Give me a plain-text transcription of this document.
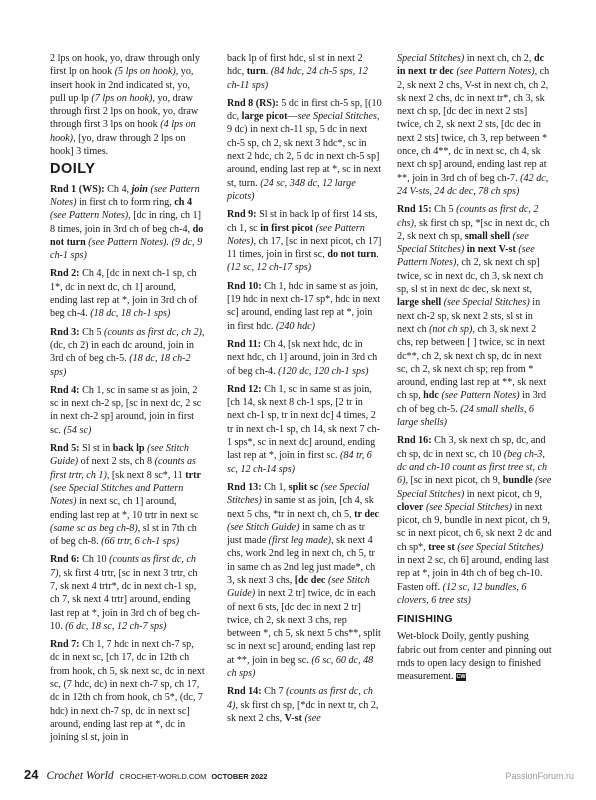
2 lps on hook, yo, draw through only first lp on hook (5 lps on hook), yo, insert hook in 2nd indicated st, yo, pull up lp (7 lps on hook), yo, draw through first 2 lps on hook, yo, draw through first 3 lps on hook (4 lps on hook), [yo, draw through 2 lps on hook] 3 times.

DOILY

Rnd 1 (WS): Ch 4, join (see Pattern Notes) in first ch to form ring, ch 4 (see Pattern Notes), [dc in ring, ch 1] 8 times, join in 3rd ch of beg ch-4, do not turn (see Pattern Notes). (9 dc, 9 ch-1 sps)

Rnd 2: Ch 4, [dc in next ch-1 sp, ch 1*, dc in next dc, ch 1] around, ending last rep at *, join in 3rd ch of beg ch-4. (18 dc, 18 ch-1 sps)

Rnd 3: Ch 5 (counts as first dc, ch 2), (dc, ch 2) in each dc around, join in 3rd ch of beg ch-5. (18 dc, 18 ch-2 sps)

Rnd 4: Ch 1, sc in same st as join, 2 sc in next ch-2 sp, [sc in next dc, 2 sc in next ch-2 sp] around, join in first sc. (54 sc)

Rnd 5: Sl st in back lp (see Stitch Guide) of next 2 sts, ch 8 (counts as first trtr, ch 1), [sk next 8 sc*, 11 trtr (see Special Stitches and Pattern Notes) in next sc, ch 1] around, ending last rep at *, 10 trtr in next sc (same sc as beg ch-8), sl st in 7th ch of beg ch-8. (66 trtr, 6 ch-1 sps)

Rnd 6: Ch 10 (counts as first dc, ch 7), sk first 4 trtr, [sc in next 3 trtr, ch 7, sk next 4 trtr*, dc in next ch-1 sp, ch 7, sk next 4 trtr] around, ending last rep at *, join in 3rd ch of beg ch-10. (6 dc, 18 sc, 12 ch-7 sps)

Rnd 7: Ch 1, 7 hdc in next ch-7 sp, dc in next sc, [ch 17, dc in 12th ch from hook, ch 5, sk next sc, dc in next sc, (7 hdc, dc) in next ch-7 sp, ch 17, dc in 12th ch from hook, ch 5*, (dc, 7 hdc) in next ch-7 sp, dc in next sc] around, ending last rep at *, dc in joining sl st, join in

back lp of first hdc, sl st in next 2 hdc, turn. (84 hdc, 24 ch-5 sps, 12 ch-11 sps)

Rnd 8 (RS): 5 dc in first ch-5 sp, [(10 dc, large picot—see Special Stitches, 9 dc) in next ch-11 sp, 5 dc in next ch-5 sp, ch 2, sk next 3 hdc*, sc in next 2 hdc, ch 2, 5 dc in next ch-5 sp] around, ending last rep at *, sc in next st, turn. (24 sc, 348 dc, 12 large picots)

Rnd 9: Sl st in back lp of first 14 sts, ch 1, sc in first picot (see Pattern Notes), ch 17, [sc in next picot, ch 17] 11 times, join in first sc, do not turn. (12 sc, 12 ch-17 sps)

Rnd 10: Ch 1, hdc in same st as join, [19 hdc in next ch-17 sp*, hdc in next sc] around, ending last rep at *, join in first hdc. (240 hdc)

Rnd 11: Ch 4, [sk next hdc, dc in next hdc, ch 1] around, join in 3rd ch of beg ch-4. (120 dc, 120 ch-1 sps)

Rnd 12: Ch 1, sc in same st as join, [ch 14, sk next 8 ch-1 sps, [2 tr in next ch-1 sp, tr in next dc] 4 times, 2 tr in next ch-1 sp, ch 14, sk next 7 ch-1 sps*, sc in next dc] around, ending last rep at *, join in first sc. (84 tr, 6 sc, 12 ch-14 sps)

Rnd 13: Ch 1, split sc (see Special Stitches) in same st as join, [ch 4, sk next 5 chs, *tr in next ch, ch 5, tr dec (see Stitch Guide) in same ch as tr just made (first leg made), sk next 4 chs, work 2nd leg in next ch, ch 5, tr in same ch as 2nd leg just made*, ch 3, sk next 3 chs, [dc dec (see Stitch Guide) in next 2 tr] twice, dc in each of next 6 sts, [dc dec in next 2 tr] twice, ch 2, sk next 3 chs, rep between *, ch 5, sk next 5 chs**, split sc in next sc] around, ending last rep at **, join in beg sc. (6 sc, 60 dc, 48 ch sps)

Rnd 14: Ch 7 (counts as first dc, ch 4), sk first ch sp, [*dc in next tr, ch 2, sk next 2 chs, V-st (see

Special Stitches) in next ch, ch 2, dc in next tr dec (see Pattern Notes), ch 2, sk next 2 chs, V-st in next ch, ch 2, sk next 2 chs, dc in next tr*, ch 3, sk next ch sp, [dc dec in next 2 sts] twice, ch 2, sk next 2 sts, [dc dec in next 2 sts] twice, ch 3, rep between * once, ch 4**, dc in next sc, ch 4, sk next ch sp] around, ending last rep at **, join in 3rd ch of beg ch-7. (42 dc, 24 V-sts, 24 dc dec, 78 ch sps)

Rnd 15: Ch 5 (counts as first dc, 2 chs), sk first ch sp, *[sc in next dc, ch 2, sk next ch sp, small shell (see Special Stitches) in next V-st (see Pattern Notes), ch 2, sk next ch sp] twice, sc in next dc, ch 3, sk next ch sp, sl st in next dc dec, sk next st, large shell (see Special Stitches) in next ch-2 sp, sk next 2 sts, sl st in next ch (not ch sp), ch 3, sk next 2 chs, rep between [ ] twice, sc in next dc**, ch 2, sk next ch sp, dc in next sc, ch 2, sk next ch sp; rep from * around, ending last rep at **, sk next ch sp, hdc (see Pattern Notes) in 3rd ch of beg ch-5. (24 small shells, 6 large shells)

Rnd 16: Ch 3, sk next ch sp, dc, and ch sp, dc in next sc, ch 10 (beg ch-3, dc and ch-10 count as first tree st, ch 6), [sc in next picot, ch 9, bundle (see Special Stitches) in next picot, ch 9, clover (see Special Stitches) in next picot, ch 9, bundle in next picot, ch 9, sc in next picot, ch 6, sk next 2 dc and ch sp*, tree st (see Special Stitches) in next 2 sc, ch 6] around, ending last rep at *, join in 4th ch of beg ch-10. Fasten off. (12 sc, 12 bundles, 6 clovers, 6 tree sts)

FINISHING

Wet-block Doily, gently pushing fabric out from center and pinning out rnds to open lacy design to finished measurement. CW

24 Crochet World CROCHET-WORLD.COM OCTOBER 2022	PassionForum.ru
